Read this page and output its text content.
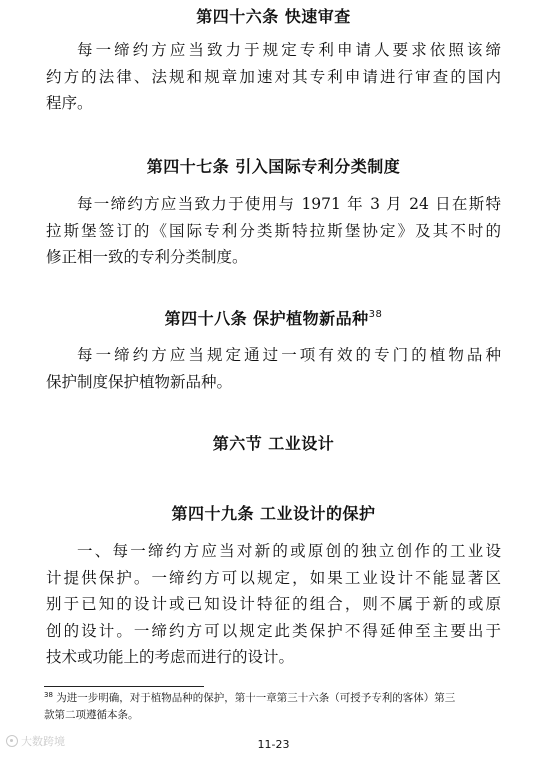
第四十六条 快速审查
每一缔约方应当致力于规定专利申请人要求依照该缔
约方的法律、法规和规章加速对其专利申请进行审查的国内
程序。
第四十七条 引入国际专利分类制度
每一缔约方应当致力于使用与 1971 年 3 月 24 日在斯特
拉斯堡签订的《国际专利分类斯特拉斯堡协定》及其不时的
修正相一致的专利分类制度。
第四十八条 保护植物新品种$^{38}$
每一缔约方应当规定通过一项有效的专门的植物品种
保护制度保护植物新品种。
第六节 工业设计
第四十九条 工业设计的保护
一、每一缔约方应当对新的或原创的独立创作的工业设
计提供保护。一缔约方可以规定，如果工业设计不能显著区
别于已知的设计或已知设计特征的组合，则不属于新的或原
创的设计。一缔约方可以规定此类保护不得延伸至主要出于
技术或功能上的考虑而进行的设计。
$^{38}$ 为进一步明确，对于植物品种的保护，第十一章第三十六条（可授予专利的客体）第三
款第二项遵循本条。
大数跨境	11-23
